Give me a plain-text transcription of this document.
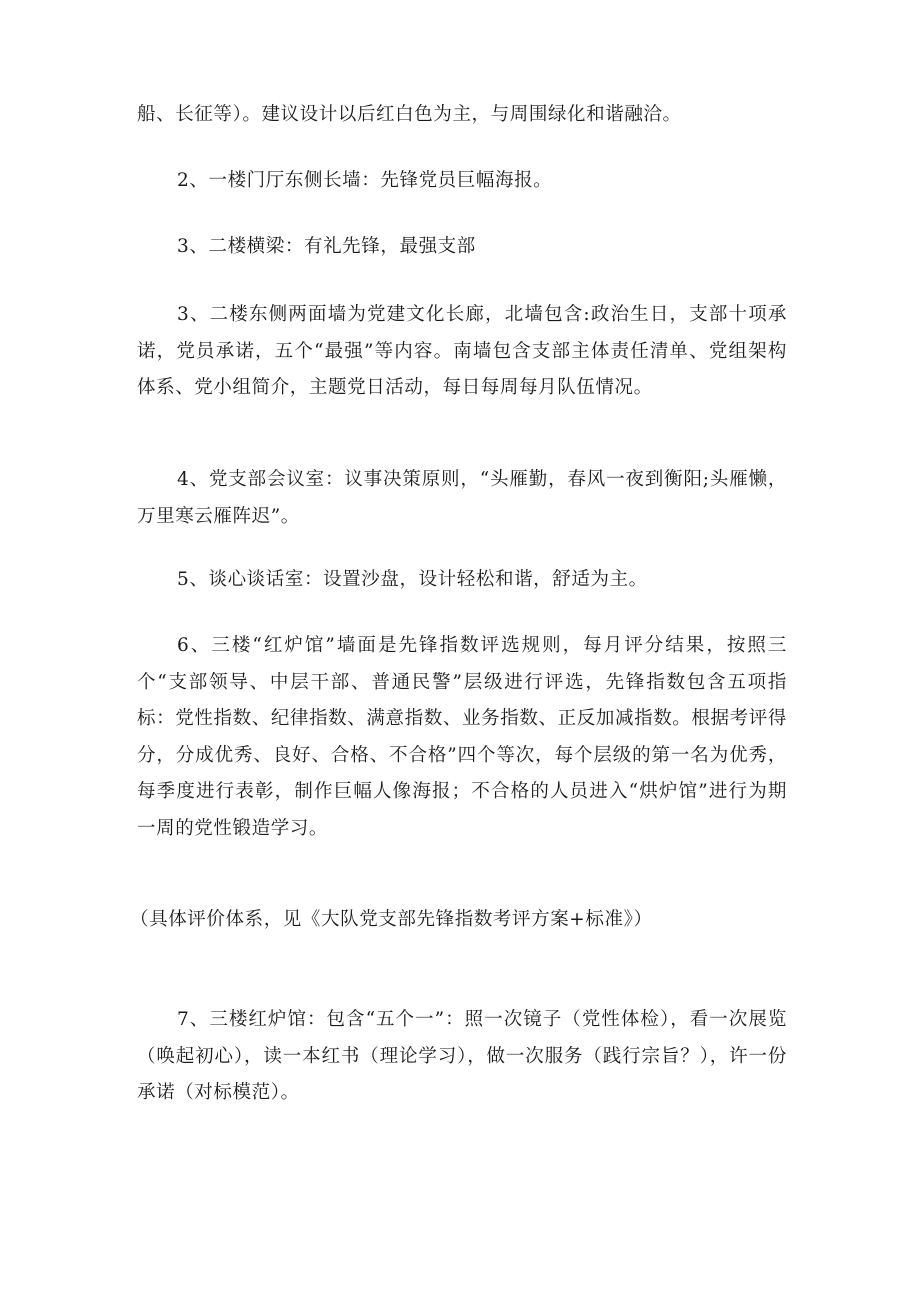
船、长征等）。建议设计以后红白色为主，与周围绿化和谐融洽。

2、一楼门厅东侧长墙：先锋党员巨幅海报。

3、二楼横梁：有礼先锋，最强支部

3、二楼东侧两面墙为党建文化长廊，北墙包含:政治生日，支部十项承诺，党员承诺，五个“最强”等内容。南墙包含支部主体责任清单、党组架构体系、党小组简介，主题党日活动，每日每周每月队伍情况。

4、党支部会议室：议事决策原则，“头雁勤，春风一夜到衡阳;头雁懒，万里寒云雁阵迟”。

5、谈心谈话室：设置沙盘，设计轻松和谐，舒适为主。

6、三楼“红炉馆”墙面是先锋指数评选规则，每月评分结果，按照三个“支部领导、中层干部、普通民警”层级进行评选，先锋指数包含五项指标：党性指数、纪律指数、满意指数、业务指数、正反加减指数。根据考评得分，分成优秀、良好、合格、不合格”四个等次，每个层级的第一名为优秀，每季度进行表彰，制作巨幅人像海报；不合格的人员进入“烘炉馆”进行为期一周的党性锻造学习。

（具体评价体系，见《大队党支部先锋指数考评方案+标准》）

7、三楼红炉馆：包含“五个一”：照一次镜子（党性体检），看一次展览（唤起初心），读一本红书（理论学习），做一次服务（践行宗旨？），许一份承诺（对标模范）。
